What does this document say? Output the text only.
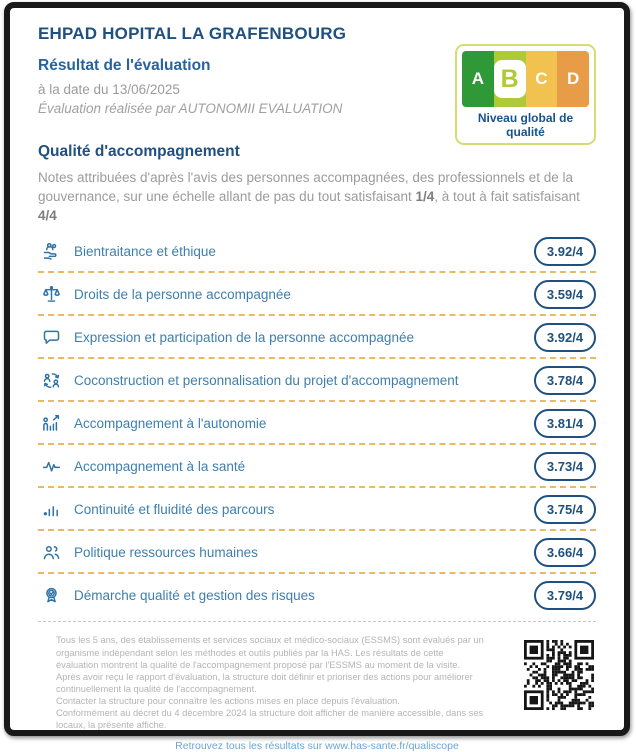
EHPAD HOPITAL LA GRAFENBOURG
Résultat de l'évaluation
à la date du 13/06/2025
Évaluation réalisée par AUTONOMII EVALUATION
A B C D
Niveau global de qualité
Qualité d'accompagnement

Notes attribuées d'après l'avis des personnes accompagnées, des professionnels et de la gouvernance, sur une échelle allant de pas du tout satisfaisant 1/4, à tout à fait satisfaisant 4/4

Bientraitance et éthique	3.92/4
Droits de la personne accompagnée	3.59/4
Expression et participation de la personne accompagnée	3.92/4
Coconstruction et personnalisation du projet d'accompagnement	3.78/4
Accompagnement à l'autonomie	3.81/4
Accompagnement à la santé	3.73/4
Continuité et fluidité des parcours	3.75/4
Politique ressources humaines	3.66/4
Démarche qualité et gestion des risques	3.79/4

Tous les 5 ans, des établissements et services sociaux et médico-sociaux (ESSMS) sont évalués par un organisme indépendant selon les méthodes et outils publiés par la HAS. Les résultats de cette évaluation montrent la qualité de l'accompagnement proposé par l'ESSMS au moment de la visite. Après avoir reçu le rapport d'évaluation, la structure doit définir et prioriser des actions pour améliorer continuellement la qualité de l'accompagnement.

Contacter la structure pour connaître les actions mises en place depuis l'évaluation.

Conformément au décret du 4 décembre 2024 la structure doit afficher de manière accessible, dans ses locaux, la présente affiche.

Retrouvez tous les résultats sur www.has-sante.fr/qualiscope
